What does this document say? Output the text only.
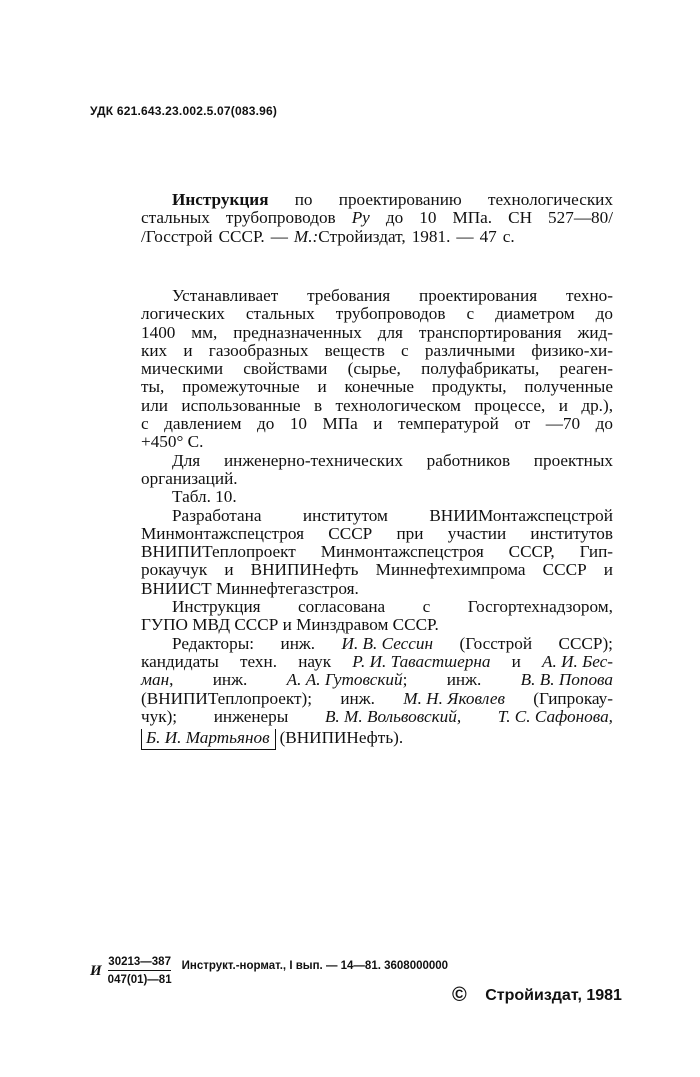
УДК 621.643.23.002.5.07(083.96)
Инструкция по проектированию технологических
стальных трубопроводов Pу до 10 МПа. СН 527—80/
/Госстрой СССР. — М.: Стройиздат, 1981. — 47 с.
Устанавливает требования проектирования техно-
логических стальных трубопроводов с диаметром до
1400 мм, предназначенных для транспортирования жид-
ких и газообразных веществ с различными физико-хи-
мическими свойствами (сырье, полуфабрикаты, реаген-
ты, промежуточные и конечные продукты, полученные
или использованные в технологическом процессе, и др.),
с давлением до 10 МПа и температурой от —70 до
+450° С.
Для инженерно-технических работников проектных
организаций.
Табл. 10.
Разработана институтом ВНИИМонтажспецстрой
Минмонтажспецстроя СССР при участии институтов
ВНИПИТеплопроект Минмонтажспецстроя СССР, Гип-
рокаучук и ВНИПИНефть Миннефтехимпрома СССР и
ВНИИСТ Миннефтегазстроя.
Инструкция согласована с Госгортехнадзором,
ГУПО МВД СССР и Минздравом СССР.
Редакторы: инж. И. В. Сессин (Госстрой СССР);
кандидаты техн. наук Р. И. Тавастшерна и А. И. Бес-
ман, инж. А. А. Гутовский; инж. В. В. Попова
(ВНИПИТеплопроект); инж. М. Н. Яковлев (Гипрокау-
чук); инженеры В. М. Вольвовский, Т. С. Сафонова,
Б. И. Мартьянов (ВНИПИНефть).
И $\frac{30213—387}{047(01)—81}$ Инструкт.-нормат., I вып. — 14—81. 3608000000
© Стройиздат, 1981
